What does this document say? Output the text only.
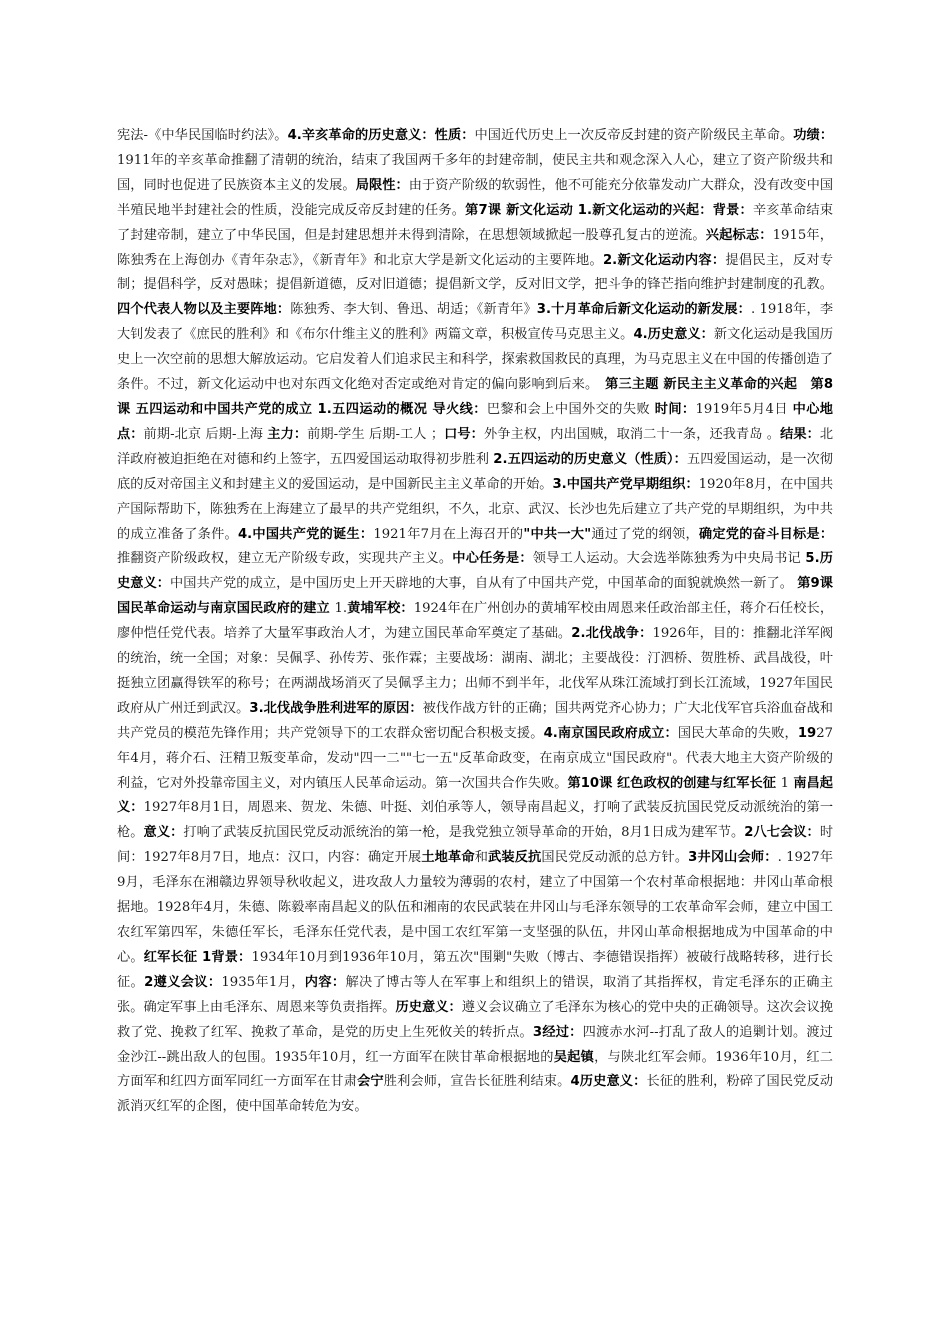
宪法-《中华民国临时约法》。4.辛亥革命的历史意义：性质：中国近代历史上一次反帝反封建的资产阶级民主革命。功绩：1911年的辛亥革命推翻了清朝的统治，结束了我国两千多年的封建帝制，使民主共和观念深入人心，建立了资产阶级共和国，同时也促进了民族资本主义的发展。局限性：由于资产阶级的软弱性，他不可能充分依靠发动广大群众，没有改变中国半殖民地半封建社会的性质，没能完成反帝反封建的任务。第7课 新文化运动 1.新文化运动的兴起：背景：辛亥革命结束了封建帝制，建立了中华民国，但是封建思想并未得到清除，在思想领域掀起一股尊孔复古的逆流。兴起标志：1915年，陈独秀在上海创办《青年杂志》，《新青年》和北京大学是新文化运动的主要阵地。2.新文化运动内容：提倡民主，反对专制；提倡科学，反对愚昧；提倡新道德，反对旧道德；提倡新文学，反对旧文学，把斗争的锋芒指向维护封建制度的孔教。四个代表人物以及主要阵地：陈独秀、李大钊、鲁迅、胡适；《新青年》3.十月革命后新文化运动的新发展：. 1918年，李大钊发表了《庶民的胜利》和《布尔什维主义的胜利》两篇文章，积极宣传马克思主义。4.历史意义：新文化运动是我国历史上一次空前的思想大解放运动。它启发着人们追求民主和科学，探索救国救民的真理，为马克思主义在中国的传播创造了条件。不过，新文化运动中也对东西文化绝对否定或绝对肯定的偏向影响到后来。　第三主题 新民主主义革命的兴起　第8课 五四运动和中国共产党的成立 1.五四运动的概况 导火线：巴黎和会上中国外交的失败 时间：1919年5月4日 中心地点：前期-北京 后期-上海 主力：前期-学生 后期-工人 ；口号：外争主权，内出国贼，取消二十一条，还我青岛 。结果：北洋政府被迫拒绝在对德和约上签字，五四爱国运动取得初步胜利 2.五四运动的历史意义（性质）：五四爱国运动，是一次彻底的反对帝国主义和封建主义的爱国运动，是中国新民主主义革命的开始。3.中国共产党早期组织：1920年8月，在中国共产国际帮助下，陈独秀在上海建立了最早的共产党组织，不久，北京、武汉、长沙也先后建立了共产党的早期组织，为中共的成立准备了条件。4.中国共产党的诞生：1921年7月在上海召开的"中共一大"通过了党的纲领，确定党的奋斗目标是：推翻资产阶级政权，建立无产阶级专政，实现共产主义。中心任务是：领导工人运动。大会选举陈独秀为中央局书记 5.历史意义：中国共产党的成立，是中国历史上开天辟地的大事，自从有了中国共产党，中国革命的面貌就焕然一新了。 第9课 国民革命运动与南京国民政府的建立 1.黄埔军校：1924年在广州创办的黄埔军校由周恩来任政治部主任，蒋介石任校长，廖仲恺任党代表。培养了大量军事政治人才，为建立国民革命军奠定了基础。2.北伐战争：1926年，目的：推翻北洋军阀的统治，统一全国；对象：吴佩孚、孙传芳、张作霖；主要战场：湖南、湖北；主要战役：汀泗桥、贺胜桥、武昌战役，叶挺独立团赢得铁军的称号；在两湖战场消灭了吴佩孚主力；出师不到半年，北伐军从珠江流域打到长江流域，1927年国民政府从广州迁到武汉。3.北伐战争胜利进军的原因：被伐作战方针的正确；国共两党齐心协力；广大北伐军官兵浴血奋战和共产党员的模范先锋作用；共产党领导下的工农群众密切配合积极支援。4.南京国民政府成立：国民大革命的失败，1927年4月，蒋介石、汪精卫叛变革命，发动"四一二""七一五"反革命政变，在南京成立"国民政府"。代表大地主大资产阶级的利益，它对外投靠帝国主义，对内镇压人民革命运动。第一次国共合作失败。第10课 红色政权的创建与红军长征 1 南昌起义：1927年8月1日，周恩来、贺龙、朱德、叶挺、刘伯承等人，领导南昌起义，打响了武装反抗国民党反动派统治的第一枪。意义：打响了武装反抗国民党反动派统治的第一枪，是我党独立领导革命的开始，8月1日成为建军节。2八七会议：时间：1927年8月7日，地点：汉口，内容：确定开展土地革命和武装反抗国民党反动派的总方针。3井冈山会师：. 1927年9月，毛泽东在湘赣边界领导秋收起义，进攻敌人力量较为薄弱的农村，建立了中国第一个农村革命根据地：井冈山革命根据地。1928年4月，朱德、陈毅率南昌起义的队伍和湘南的农民武装在井冈山与毛泽东领导的工农革命军会师，建立中国工农红军第四军，朱德任军长，毛泽东任党代表，是中国工农红军第一支坚强的队伍，井冈山革命根据地成为中国革命的中心。红军长征 1背景：1934年10月到1936年10月，第五次"围剿"失败（博古、李德错误指挥）被破行战略转移，进行长征。2遵义会议：1935年1月，内容：解决了博古等人在军事上和组织上的错误，取消了其指挥权，肯定毛泽东的正确主张。确定军事上由毛泽东、周恩来等负责指挥。历史意义：遵义会议确立了毛泽东为核心的党中央的正确领导。这次会议挽救了党、挽救了红军、挽救了革命，是党的历史上生死攸关的转折点。3经过：四渡赤水河--打乱了敌人的追剿计划。渡过金沙江--跳出敌人的包围。1935年10月，红一方面军在陕甘革命根据地的吴起镇，与陕北红军会师。1936年10月，红二方面军和红四方面军同红一方面军在甘肃会宁胜利会师，宣告长征胜利结束。4历史意义：长征的胜利，粉碎了国民党反动派消灭红军的企图，使中国革命转危为安。
